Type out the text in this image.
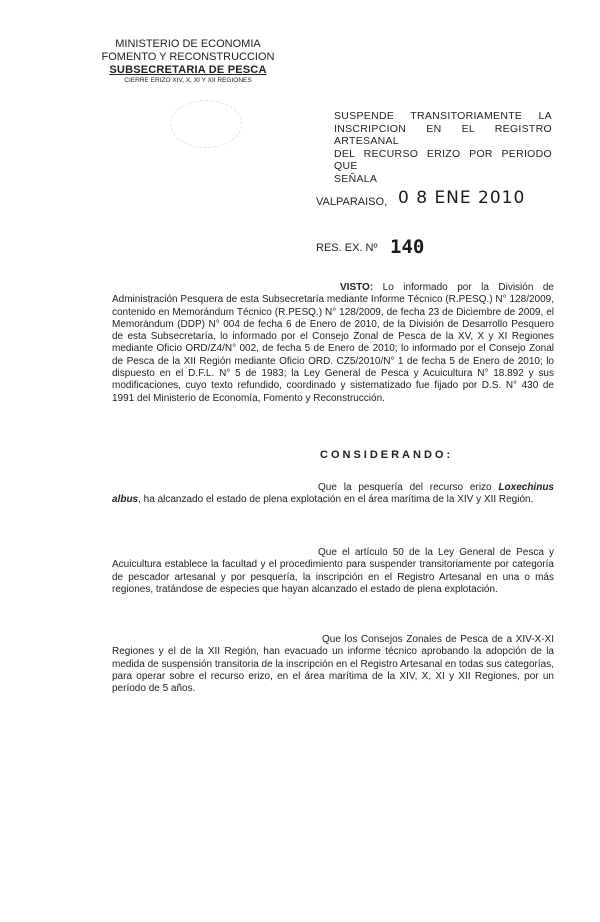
MINISTERIO DE ECONOMIA
FOMENTO Y RECONSTRUCCION
SUBSECRETARIA DE PESCA
CIERRE ERIZO XIV, X, XI Y XII REGIONES
SUSPENDE TRANSITORIAMENTE LA
INSCRIPCION EN EL REGISTRO ARTESANAL
DEL RECURSO ERIZO POR PERIODO QUE
SEÑALA
VALPARAISO, 0 8 ENE 2010
RES. EX. Nº 140
VISTO: Lo informado por la División de Administración Pesquera de esta Subsecretaría mediante Informe Técnico (R.PESQ.) N° 128/2009, contenido en Memorándum Técnico (R.PESQ.) N° 128/2009, de fecha 23 de Diciembre de 2009, el Memorándum (DDP) N° 004 de fecha 6 de Enero de 2010, de la División de Desarrollo Pesquero de esta Subsecretaría, lo informado por el Consejo Zonal de Pesca de la XV, X y XI Regiones mediante Oficio ORD/Z4/N° 002, de fecha 5 de Enero de 2010; lo informado por el Consejo Zonal de Pesca de la XII Región mediante Oficio ORD. CZ5/2010/N° 1 de fecha 5 de Enero de 2010; lo dispuesto en el D.F.L. N° 5 de 1983; la Ley General de Pesca y Acuicultura N° 18.892 y sus modificaciones, cuyo texto refundido, coordinado y sistematizado fue fijado por D.S. N° 430 de 1991 del Ministerio de Economía, Fomento y Reconstrucción.
CONSIDERANDO:
Que la pesquería del recurso erizo Loxechinus albus, ha alcanzado el estado de plena explotación en el área marítima de la XIV y XII Región.
Que el artículo 50 de la Ley General de Pesca y Acuicultura establece la facultad y el procedimiento para suspender transitoriamente por categoría de pescador artesanal y por pesquería, la inscripción en el Registro Artesanal en una o más regiones, tratándose de especies que hayan alcanzado el estado de plena explotación.
Que los Consejos Zonales de Pesca de a XIV-X-XI Regiones y el de la XII Región, han evacuado un informe técnico aprobando la adopción de la medida de suspensión transitoria de la inscripción en el Registro Artesanal en todas sus categorías, para operar sobre el recurso erizo, en el área marítima de la XIV, X, XI y XII Regiones, por un período de 5 años.
